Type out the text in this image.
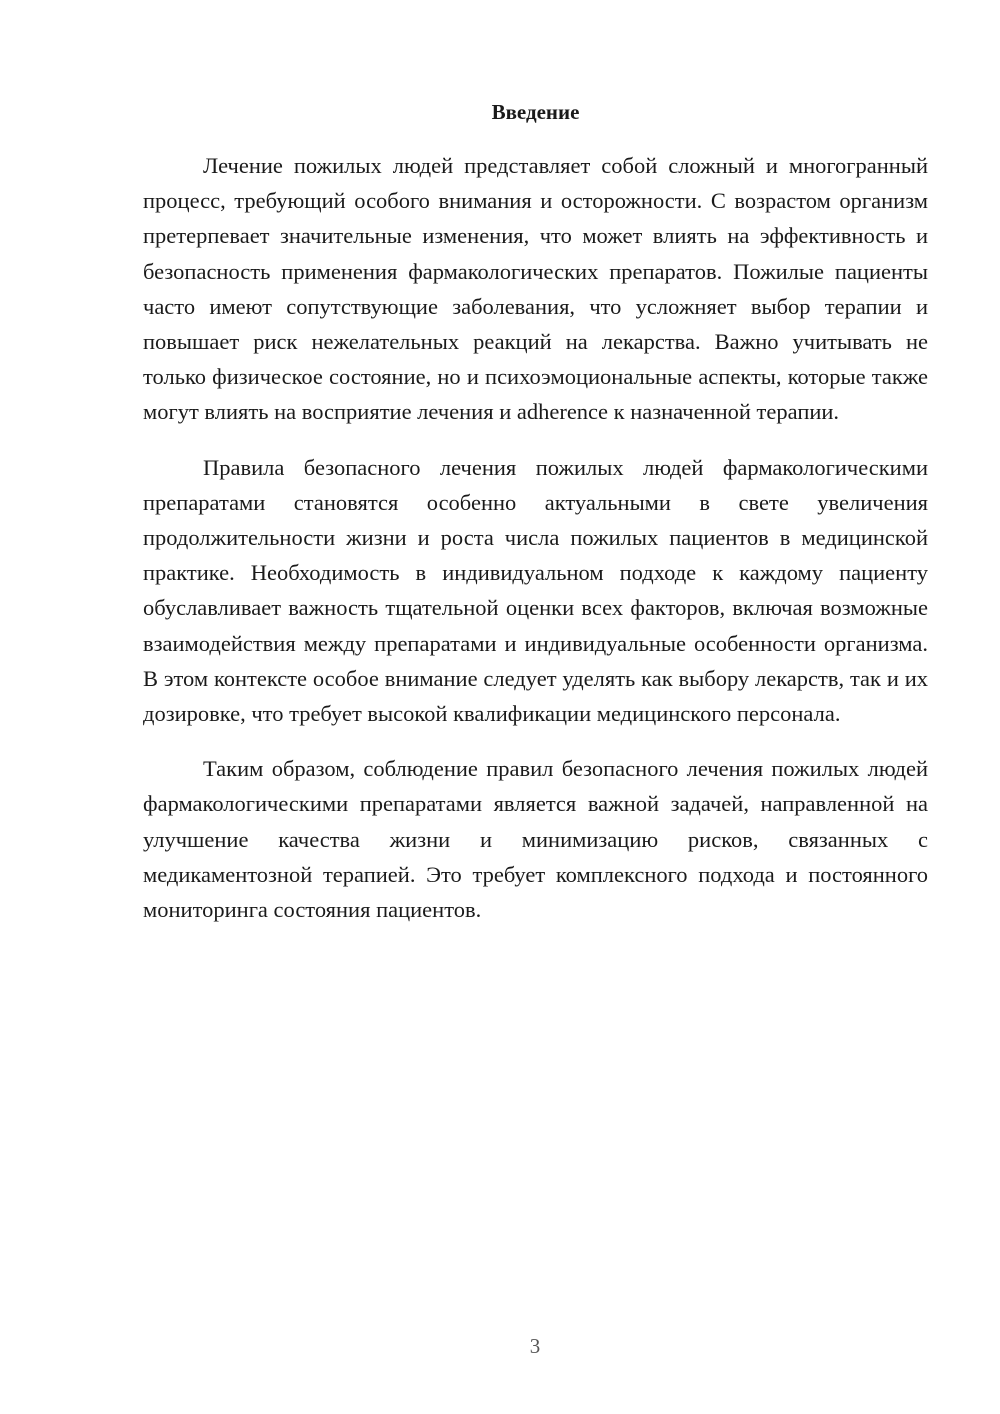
Введение

Лечение пожилых людей представляет собой сложный и многогранный процесс, требующий особого внимания и осторожности. С возрастом организм претерпевает значительные изменения, что может влиять на эффективность и безопасность применения фармакологических препаратов. Пожилые пациенты часто имеют сопутствующие заболевания, что усложняет выбор терапии и повышает риск нежелательных реакций на лекарства. Важно учитывать не только физическое состояние, но и психоэмоциональные аспекты, которые также могут влиять на восприятие лечения и adherence к назначенной терапии.

Правила безопасного лечения пожилых людей фармакологическими препаратами становятся особенно актуальными в свете увеличения продолжительности жизни и роста числа пожилых пациентов в медицинской практике. Необходимость в индивидуальном подходе к каждому пациенту обуславливает важность тщательной оценки всех факторов, включая возможные взаимодействия между препаратами и индивидуальные особенности организма. В этом контексте особое внимание следует уделять как выбору лекарств, так и их дозировке, что требует высокой квалификации медицинского персонала.

Таким образом, соблюдение правил безопасного лечения пожилых людей фармакологическими препаратами является важной задачей, направленной на улучшение качества жизни и минимизацию рисков, связанных с медикаментозной терапией. Это требует комплексного подхода и постоянного мониторинга состояния пациентов.

3
